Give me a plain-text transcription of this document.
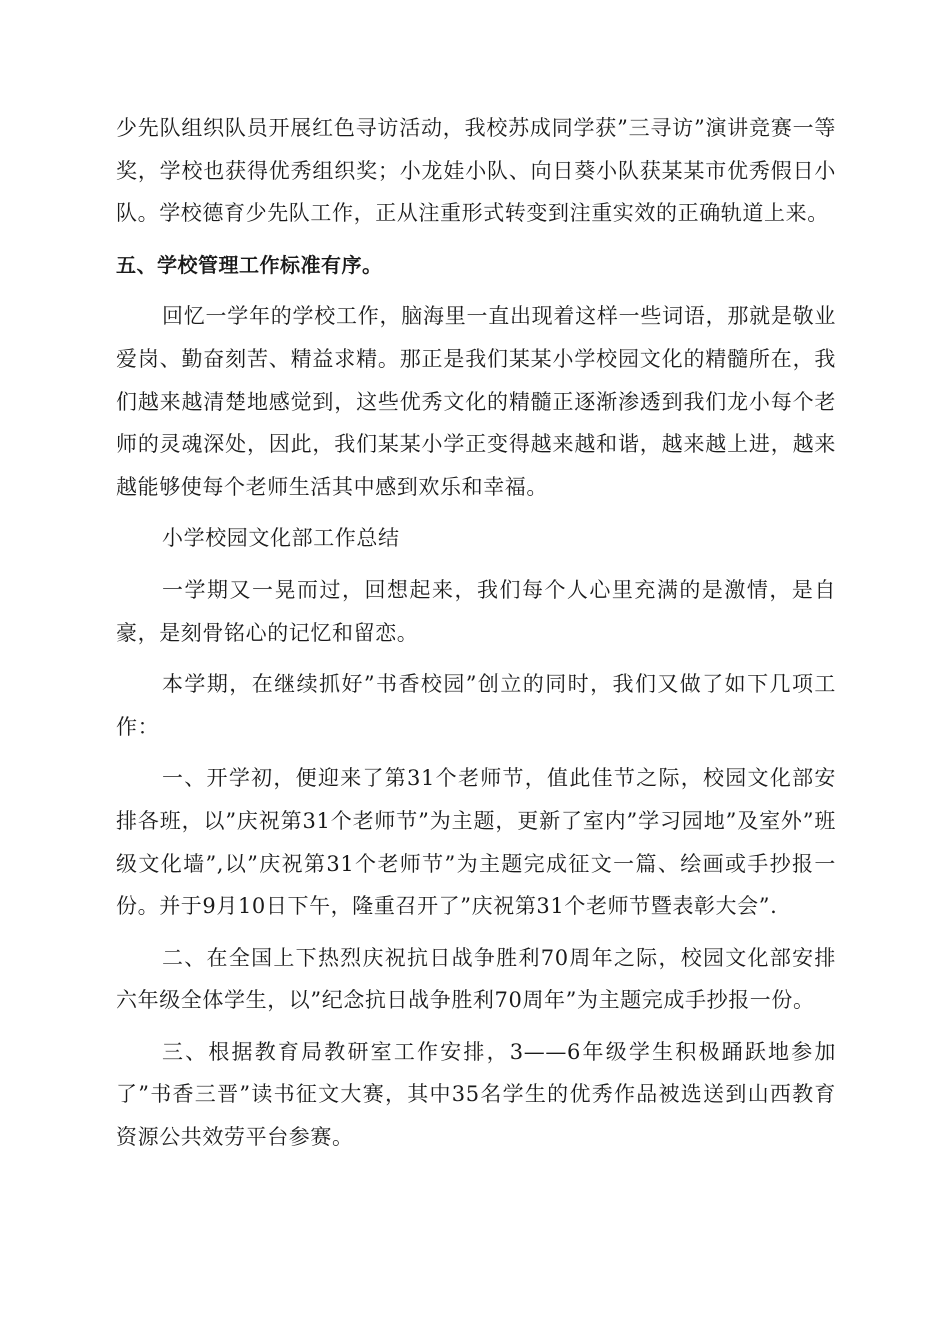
少先队组织队员开展红色寻访活动，我校苏成同学获”三寻访”演讲竞赛一等奖，学校也获得优秀组织奖；小龙娃小队、向日葵小队获某某市优秀假日小队。学校德育少先队工作，正从注重形式转变到注重实效的正确轨道上来。

五、学校管理工作标准有序。

回忆一学年的学校工作，脑海里一直出现着这样一些词语，那就是敬业爱岗、勤奋刻苦、精益求精。那正是我们某某小学校园文化的精髓所在，我们越来越清楚地感觉到，这些优秀文化的精髓正逐渐渗透到我们龙小每个老师的灵魂深处，因此，我们某某小学正变得越来越和谐，越来越上进，越来越能够使每个老师生活其中感到欢乐和幸福。

小学校园文化部工作总结

一学期又一晃而过，回想起来，我们每个人心里充满的是激情，是自豪，是刻骨铭心的记忆和留恋。

本学期，在继续抓好”书香校园”创立的同时，我们又做了如下几项工作：

一、开学初，便迎来了第31个老师节，值此佳节之际，校园文化部安排各班，以”庆祝第31个老师节”为主题，更新了室内”学习园地”及室外”班级文化墙”,以”庆祝第31个老师节”为主题完成征文一篇、绘画或手抄报一份。并于9月10日下午，隆重召开了”庆祝第31个老师节暨表彰大会”.

二、在全国上下热烈庆祝抗日战争胜利70周年之际，校园文化部安排六年级全体学生，以”纪念抗日战争胜利70周年”为主题完成手抄报一份。

三、根据教育局教研室工作安排，3——6年级学生积极踊跃地参加了”书香三晋”读书征文大赛，其中35名学生的优秀作品被选送到山西教育资源公共效劳平台参赛。
